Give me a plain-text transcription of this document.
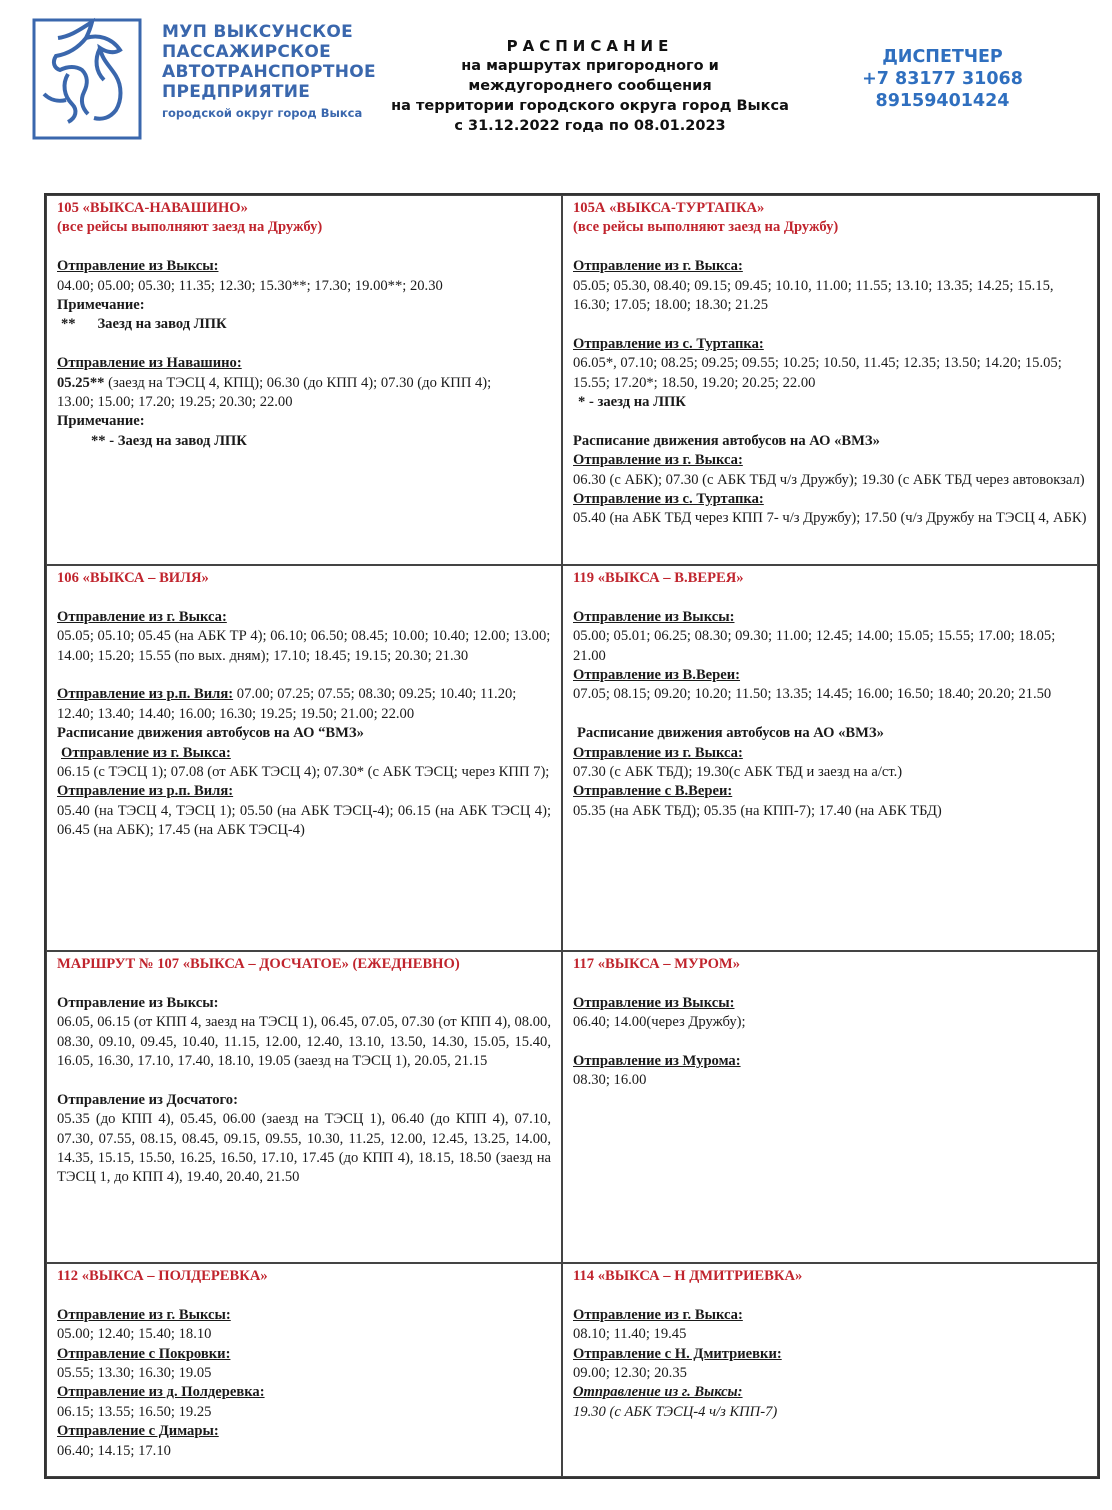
МУП ВЫКСУНСКОЕ
ПАССАЖИРСКОЕ
АВТОТРАНСПОРТНОЕ
ПРЕДПРИЯТИЕ
городской округ город Выкса
РАСПИСАНИЕ
на маршрутах пригородного и
междугороднего сообщения
на территории городского округа город Выкса
с 31.12.2022 года по 08.01.2023
ДИСПЕТЧЕР
+7 83177 31068
89159401424
105 «ВЫКСА-НАВАШИНО»
(все рейсы выполняют заезд на Дружбу)
Отправление из Выксы:
04.00; 05.00; 05.30; 11.35; 12.30; 15.30**; 17.30; 19.00**; 20.30
Примечание:
**      Заезд на завод ЛПК
Отправление из Навашино:
05.25** (заезд на ТЭСЦ 4, КПЦ); 06.30 (до КПП 4); 07.30 (до КПП 4);
13.00; 15.00; 17.20; 19.25; 20.30; 22.00
Примечание:
** - Заезд на завод ЛПК
105А «ВЫКСА-ТУРТАПКА»
(все рейсы выполняют заезд на Дружбу)
Отправление из г. Выкса:
05.05; 05.30, 08.40; 09.15; 09.45; 10.10, 11.00; 11.55; 13.10; 13.35; 14.25; 15.15, 16.30; 17.05; 18.00; 18.30; 21.25
Отправление из с. Туртапка:
06.05*, 07.10; 08.25; 09.25; 09.55; 10.25; 10.50, 11.45; 12.35; 13.50; 14.20; 15.05; 15.55; 17.20*; 18.50, 19.20; 20.25; 22.00
* - заезд на ЛПК
Расписание движения автобусов на АО «ВМЗ»
Отправление из г. Выкса:
06.30 (с АБК); 07.30 (с АБК ТБД ч/з Дружбу); 19.30 (с АБК ТБД через автовокзал)
Отправление из с. Туртапка:
05.40 (на АБК ТБД через КПП 7- ч/з Дружбу); 17.50 (ч/з Дружбу на ТЭСЦ 4, АБК)
106 «ВЫКСА – ВИЛЯ»
Отправление из г. Выкса:
05.05; 05.10; 05.45 (на АБК ТР 4); 06.10; 06.50; 08.45; 10.00; 10.40; 12.00; 13.00; 14.00; 15.20; 15.55 (по вых. дням); 17.10; 18.45; 19.15; 20.30; 21.30
Отправление из р.п. Виля: 07.00; 07.25; 07.55; 08.30; 09.25; 10.40; 11.20; 12.40; 13.40; 14.40; 16.00; 16.30; 19.25; 19.50; 21.00; 22.00
Расписание движения автобусов на АО “ВМЗ»
Отправление из г. Выкса:
06.15 (с ТЭСЦ 1); 07.08 (от АБК ТЭСЦ 4); 07.30* (с АБК ТЭСЦ; через КПП 7);
Отправление из р.п. Виля:
05.40 (на ТЭСЦ 4, ТЭСЦ 1); 05.50 (на АБК ТЭСЦ-4); 06.15 (на АБК ТЭСЦ 4); 06.45 (на АБК); 17.45 (на АБК ТЭСЦ-4)
119 «ВЫКСА – В.ВЕРЕЯ»
Отправление из Выксы:
05.00; 05.01; 06.25; 08.30; 09.30; 11.00; 12.45; 14.00; 15.05; 15.55; 17.00; 18.05; 21.00
Отправление из В.Вереи:
07.05; 08.15; 09.20; 10.20; 11.50; 13.35; 14.45; 16.00; 16.50; 18.40; 20.20; 21.50
Расписание движения автобусов на АО «ВМЗ»
Отправление из г. Выкса:
07.30 (с АБК ТБД); 19.30(с АБК ТБД и заезд на а/ст.)
Отправление с В.Вереи:
05.35 (на АБК ТБД); 05.35 (на КПП-7); 17.40 (на АБК ТБД)
МАРШРУТ № 107 «ВЫКСА – ДОСЧАТОЕ» (ЕЖЕДНЕВНО)
Отправление из Выксы:
06.05, 06.15 (от КПП 4, заезд на ТЭСЦ 1), 06.45, 07.05, 07.30 (от КПП 4), 08.00, 08.30, 09.10, 09.45, 10.40, 11.15, 12.00, 12.40, 13.10, 13.50, 14.30, 15.05, 15.40, 16.05, 16.30, 17.10, 17.40, 18.10, 19.05 (заезд на ТЭСЦ 1), 20.05, 21.15
Отправление из Досчатого:
05.35 (до КПП 4), 05.45, 06.00 (заезд на ТЭСЦ 1), 06.40 (до КПП 4), 07.10, 07.30, 07.55, 08.15, 08.45, 09.15, 09.55, 10.30, 11.25, 12.00, 12.45, 13.25, 14.00, 14.35, 15.15, 15.50, 16.25, 16.50, 17.10, 17.45 (до КПП 4), 18.15, 18.50 (заезд на ТЭСЦ 1, до КПП 4), 19.40, 20.40, 21.50
117 «ВЫКСА – МУРОМ»
Отправление из Выксы:
06.40; 14.00(через Дружбу);
Отправление из Мурома:
08.30; 16.00
112 «ВЫКСА – ПОЛДЕРЕВКА»
Отправление из г. Выксы:
05.00; 12.40; 15.40; 18.10
Отправление с Покровки:
05.55; 13.30; 16.30; 19.05
Отправление из д. Полдеревка:
06.15; 13.55; 16.50; 19.25
Отправление с Димары:
06.40; 14.15; 17.10
114 «ВЫКСА – Н ДМИТРИЕВКА»
Отправление из г. Выкса:
08.10; 11.40; 19.45
Отправление с Н. Дмитриевки:
09.00; 12.30; 20.35
Отправление из г. Выксы:
19.30 (с АБК ТЭСЦ-4 ч/з КПП-7)
